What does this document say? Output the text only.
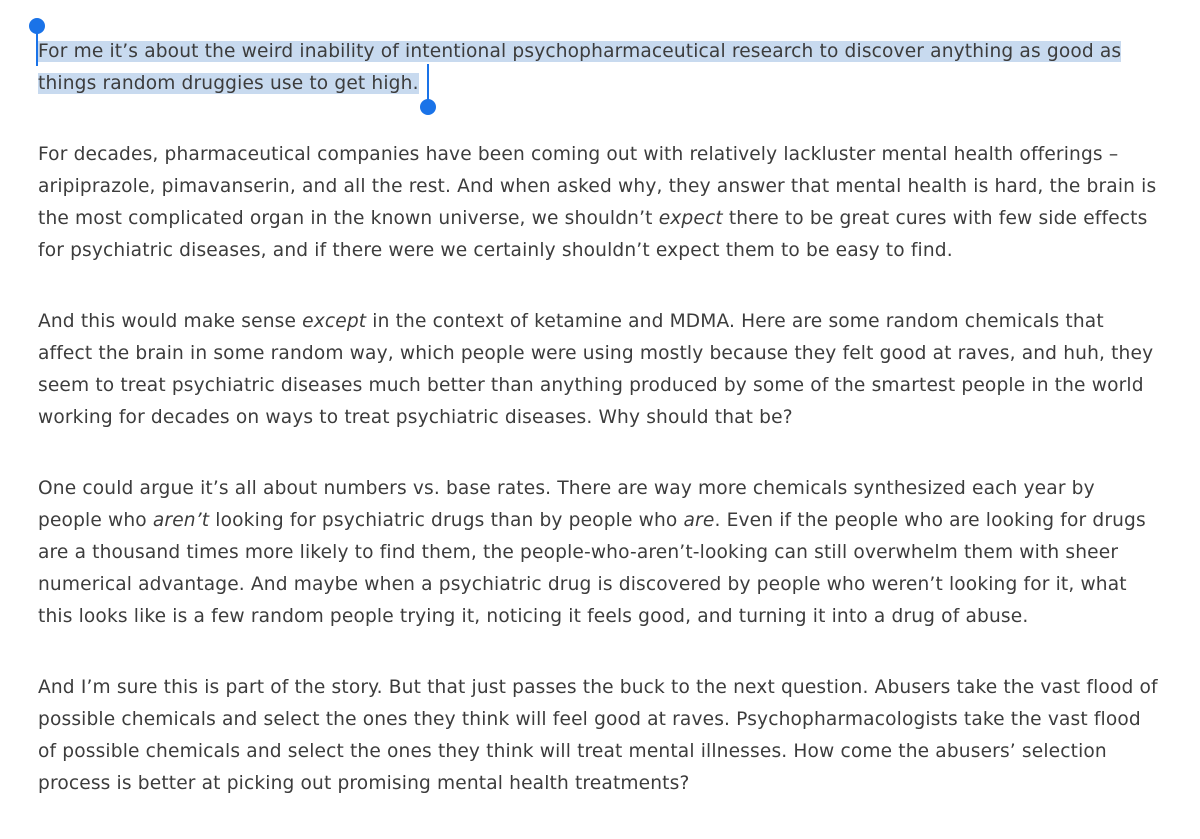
For me it’s about the weird inability of intentional psychopharmaceutical research to discover anything as good as things random druggies use to get high.

For decades, pharmaceutical companies have been coming out with relatively lackluster mental health offerings – aripiprazole, pimavanserin, and all the rest. And when asked why, they answer that mental health is hard, the brain is the most complicated organ in the known universe, we shouldn’t expect there to be great cures with few side effects for psychiatric diseases, and if there were we certainly shouldn’t expect them to be easy to find.

And this would make sense except in the context of ketamine and MDMA. Here are some random chemicals that affect the brain in some random way, which people were using mostly because they felt good at raves, and huh, they seem to treat psychiatric diseases much better than anything produced by some of the smartest people in the world working for decades on ways to treat psychiatric diseases. Why should that be?

One could argue it’s all about numbers vs. base rates. There are way more chemicals synthesized each year by people who aren’t looking for psychiatric drugs than by people who are. Even if the people who are looking for drugs are a thousand times more likely to find them, the people-who-aren’t-looking can still overwhelm them with sheer numerical advantage. And maybe when a psychiatric drug is discovered by people who weren’t looking for it, what this looks like is a few random people trying it, noticing it feels good, and turning it into a drug of abuse.

And I’m sure this is part of the story. But that just passes the buck to the next question. Abusers take the vast flood of possible chemicals and select the ones they think will feel good at raves. Psychopharmacologists take the vast flood of possible chemicals and select the ones they think will treat mental illnesses. How come the abusers’ selection process is better at picking out promising mental health treatments?
